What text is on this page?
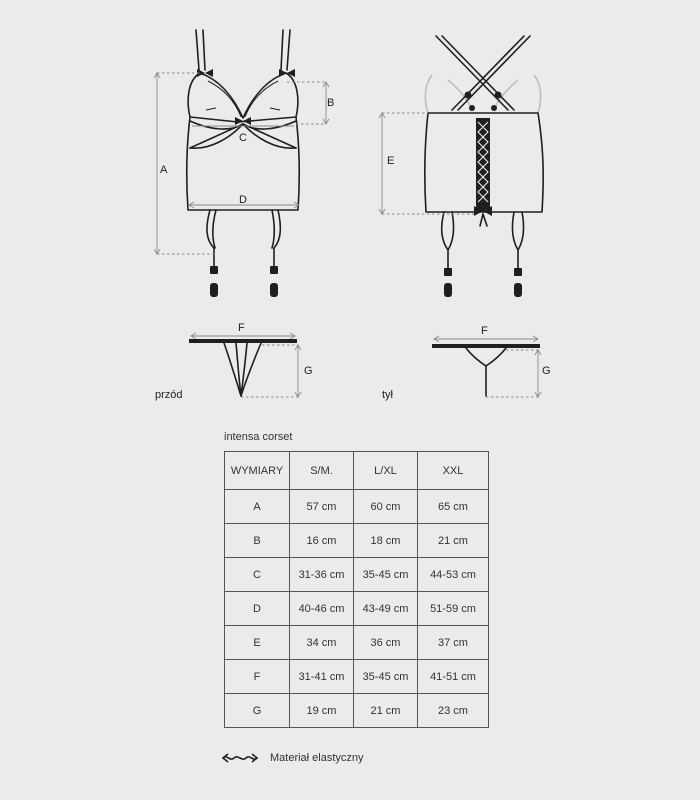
A
B
C
D
E
F
G
przód
F
G
tył
intensa corset
WYMIARY	S/M.	L/XL	XXL
A	57 cm	60 cm	65 cm
B	16 cm	18 cm	21 cm
C	31-36 cm	35-45 cm	44-53 cm
D	40-46 cm	43-49 cm	51-59 cm
E	34 cm	36 cm	37 cm
F	31-41 cm	35-45 cm	41-51 cm
G	19 cm	21 cm	23 cm
Materiał elastyczny
